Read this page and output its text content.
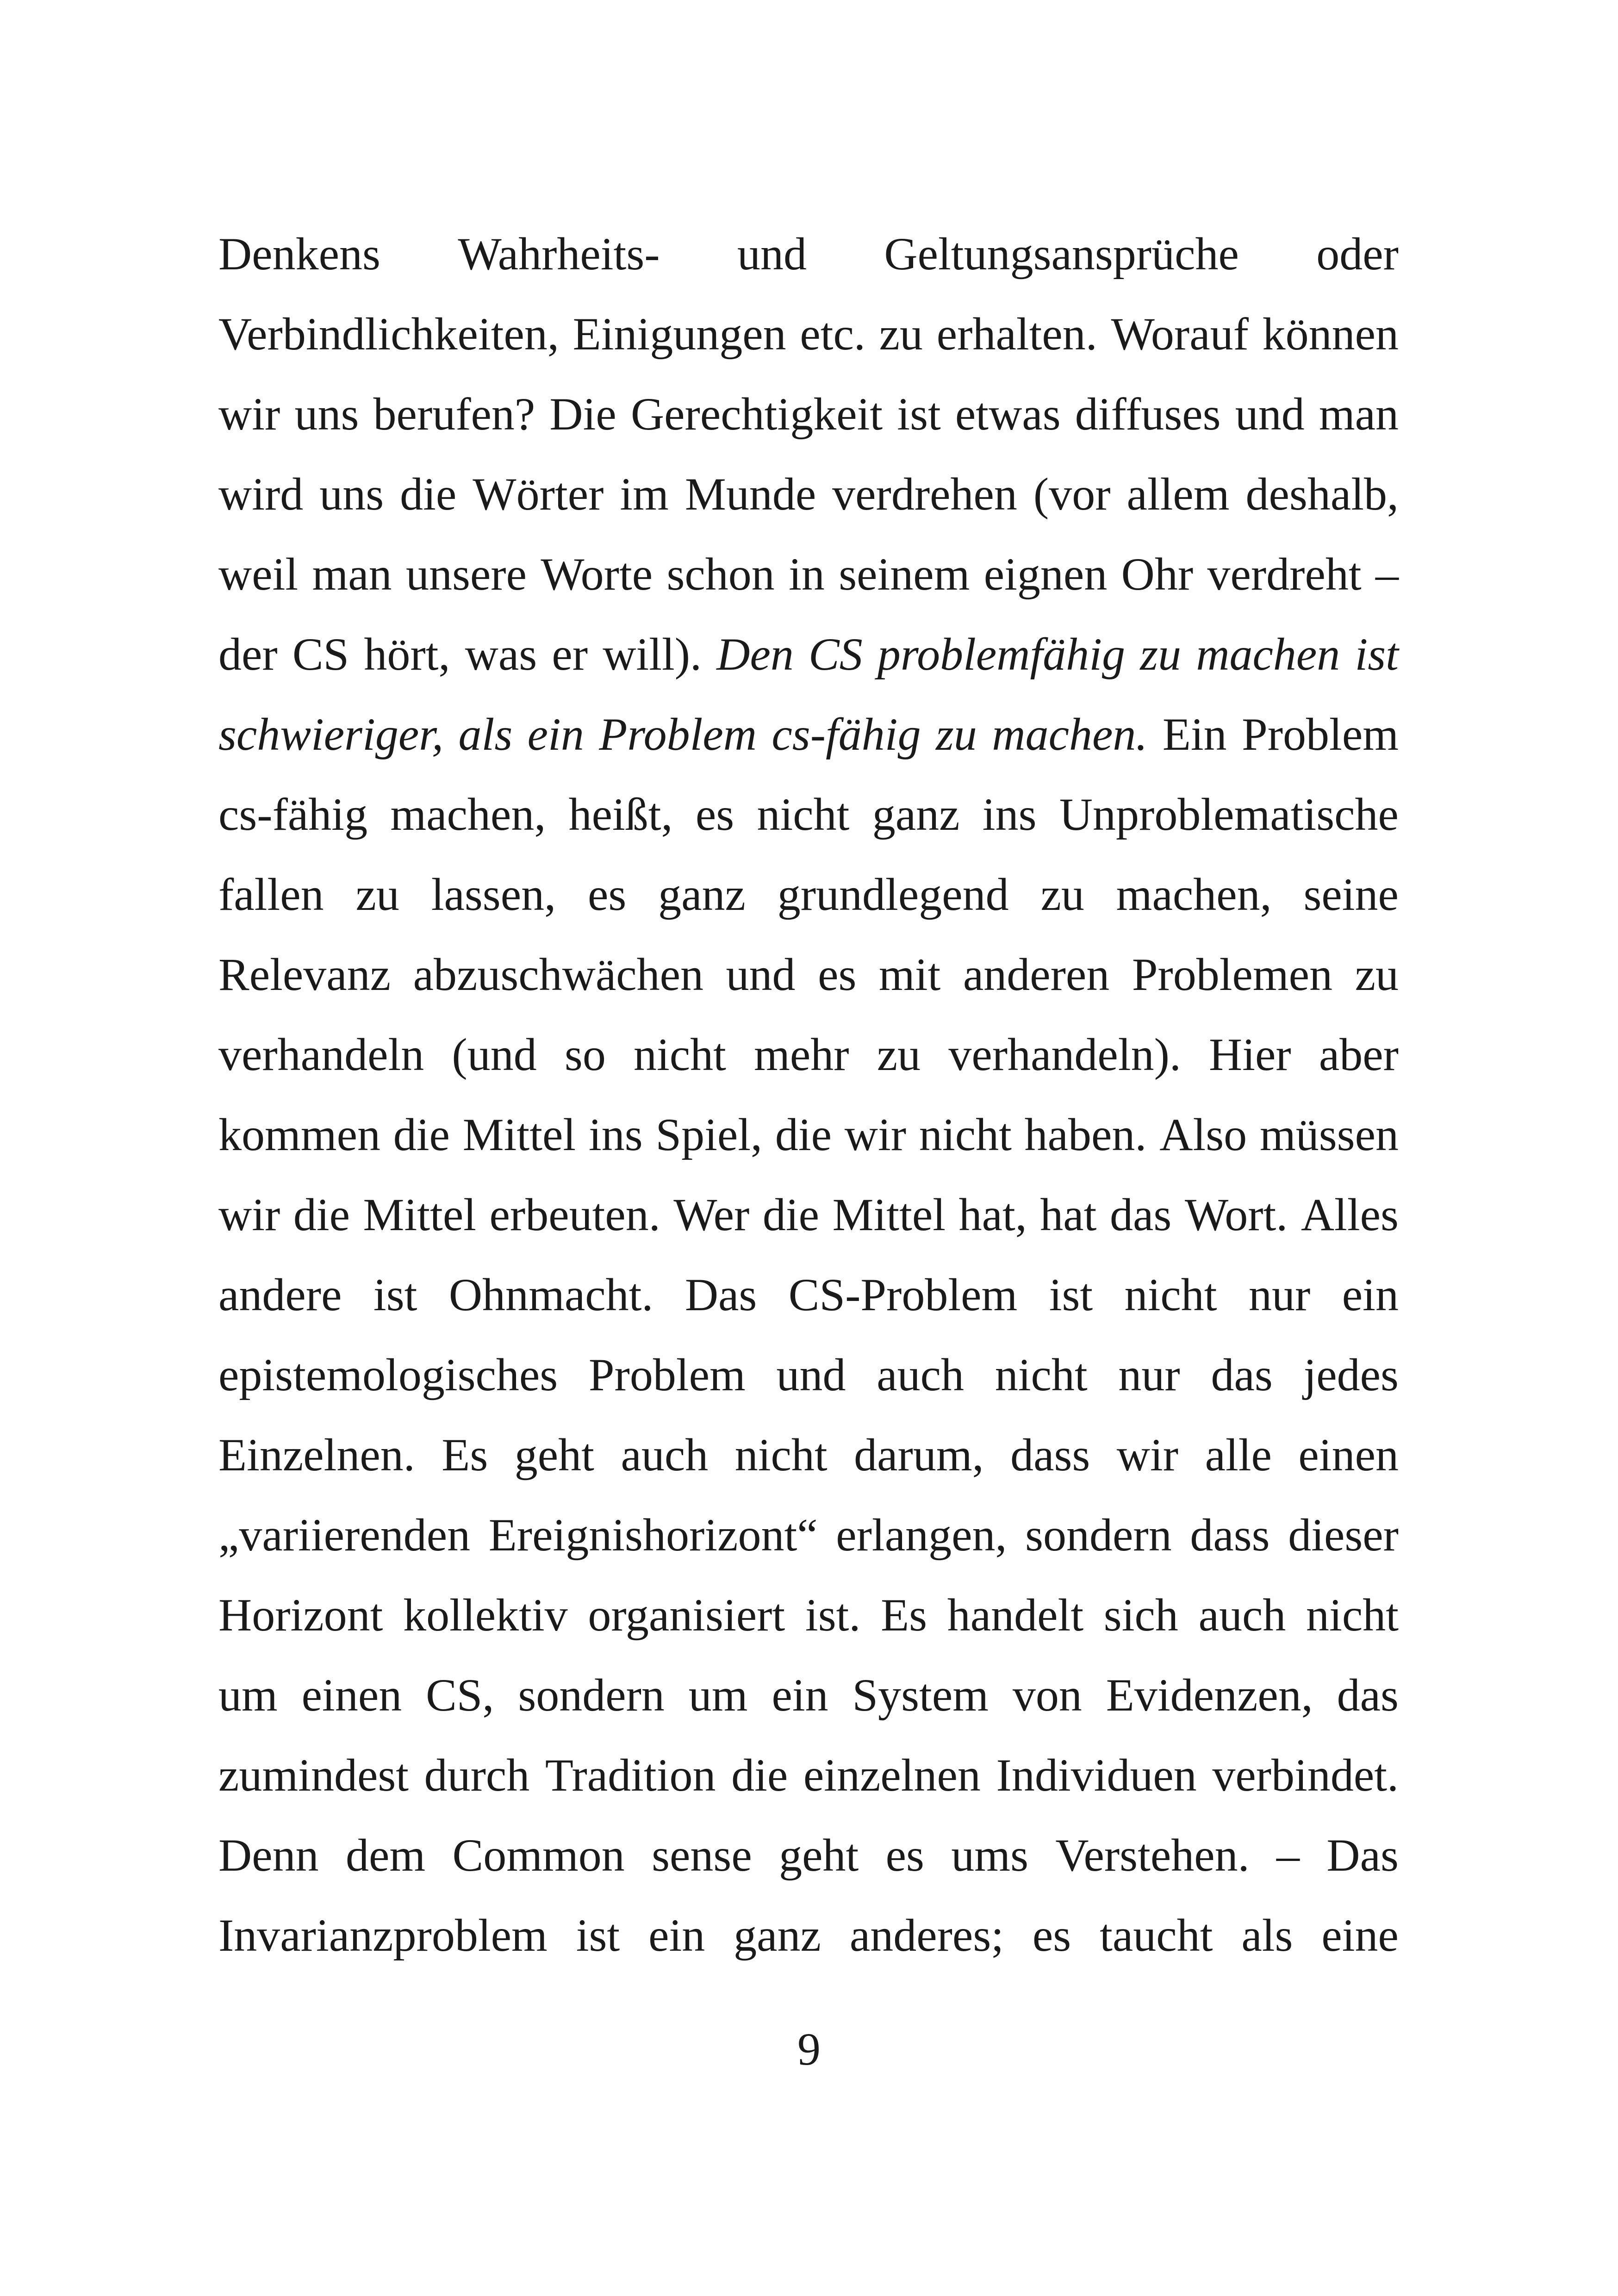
Denkens Wahrheits- und Geltungsansprüche oder
Verbindlichkeiten, Einigungen etc. zu erhalten. Worauf können
wir uns berufen? Die Gerechtigkeit ist etwas diffuses und man
wird uns die Wörter im Munde verdrehen (vor allem deshalb,
weil man unsere Worte schon in seinem eignen Ohr verdreht –
der CS hört, was er will). Den CS problemfähig zu machen ist
schwieriger, als ein Problem cs-fähig zu machen. Ein Problem
cs-fähig machen, heißt, es nicht ganz ins Unproblematische
fallen zu lassen, es ganz grundlegend zu machen, seine
Relevanz abzuschwächen und es mit anderen Problemen zu
verhandeln (und so nicht mehr zu verhandeln). Hier aber
kommen die Mittel ins Spiel, die wir nicht haben. Also müssen
wir die Mittel erbeuten. Wer die Mittel hat, hat das Wort. Alles
andere ist Ohnmacht. Das CS-Problem ist nicht nur ein
epistemologisches Problem und auch nicht nur das jedes
Einzelnen. Es geht auch nicht darum, dass wir alle einen
„variierenden Ereignishorizont“ erlangen, sondern dass dieser
Horizont kollektiv organisiert ist. Es handelt sich auch nicht
um einen CS, sondern um ein System von Evidenzen, das
zumindest durch Tradition die einzelnen Individuen verbindet.
Denn dem Common sense geht es ums Verstehen. – Das
Invarianzproblem ist ein ganz anderes; es taucht als eine
9
